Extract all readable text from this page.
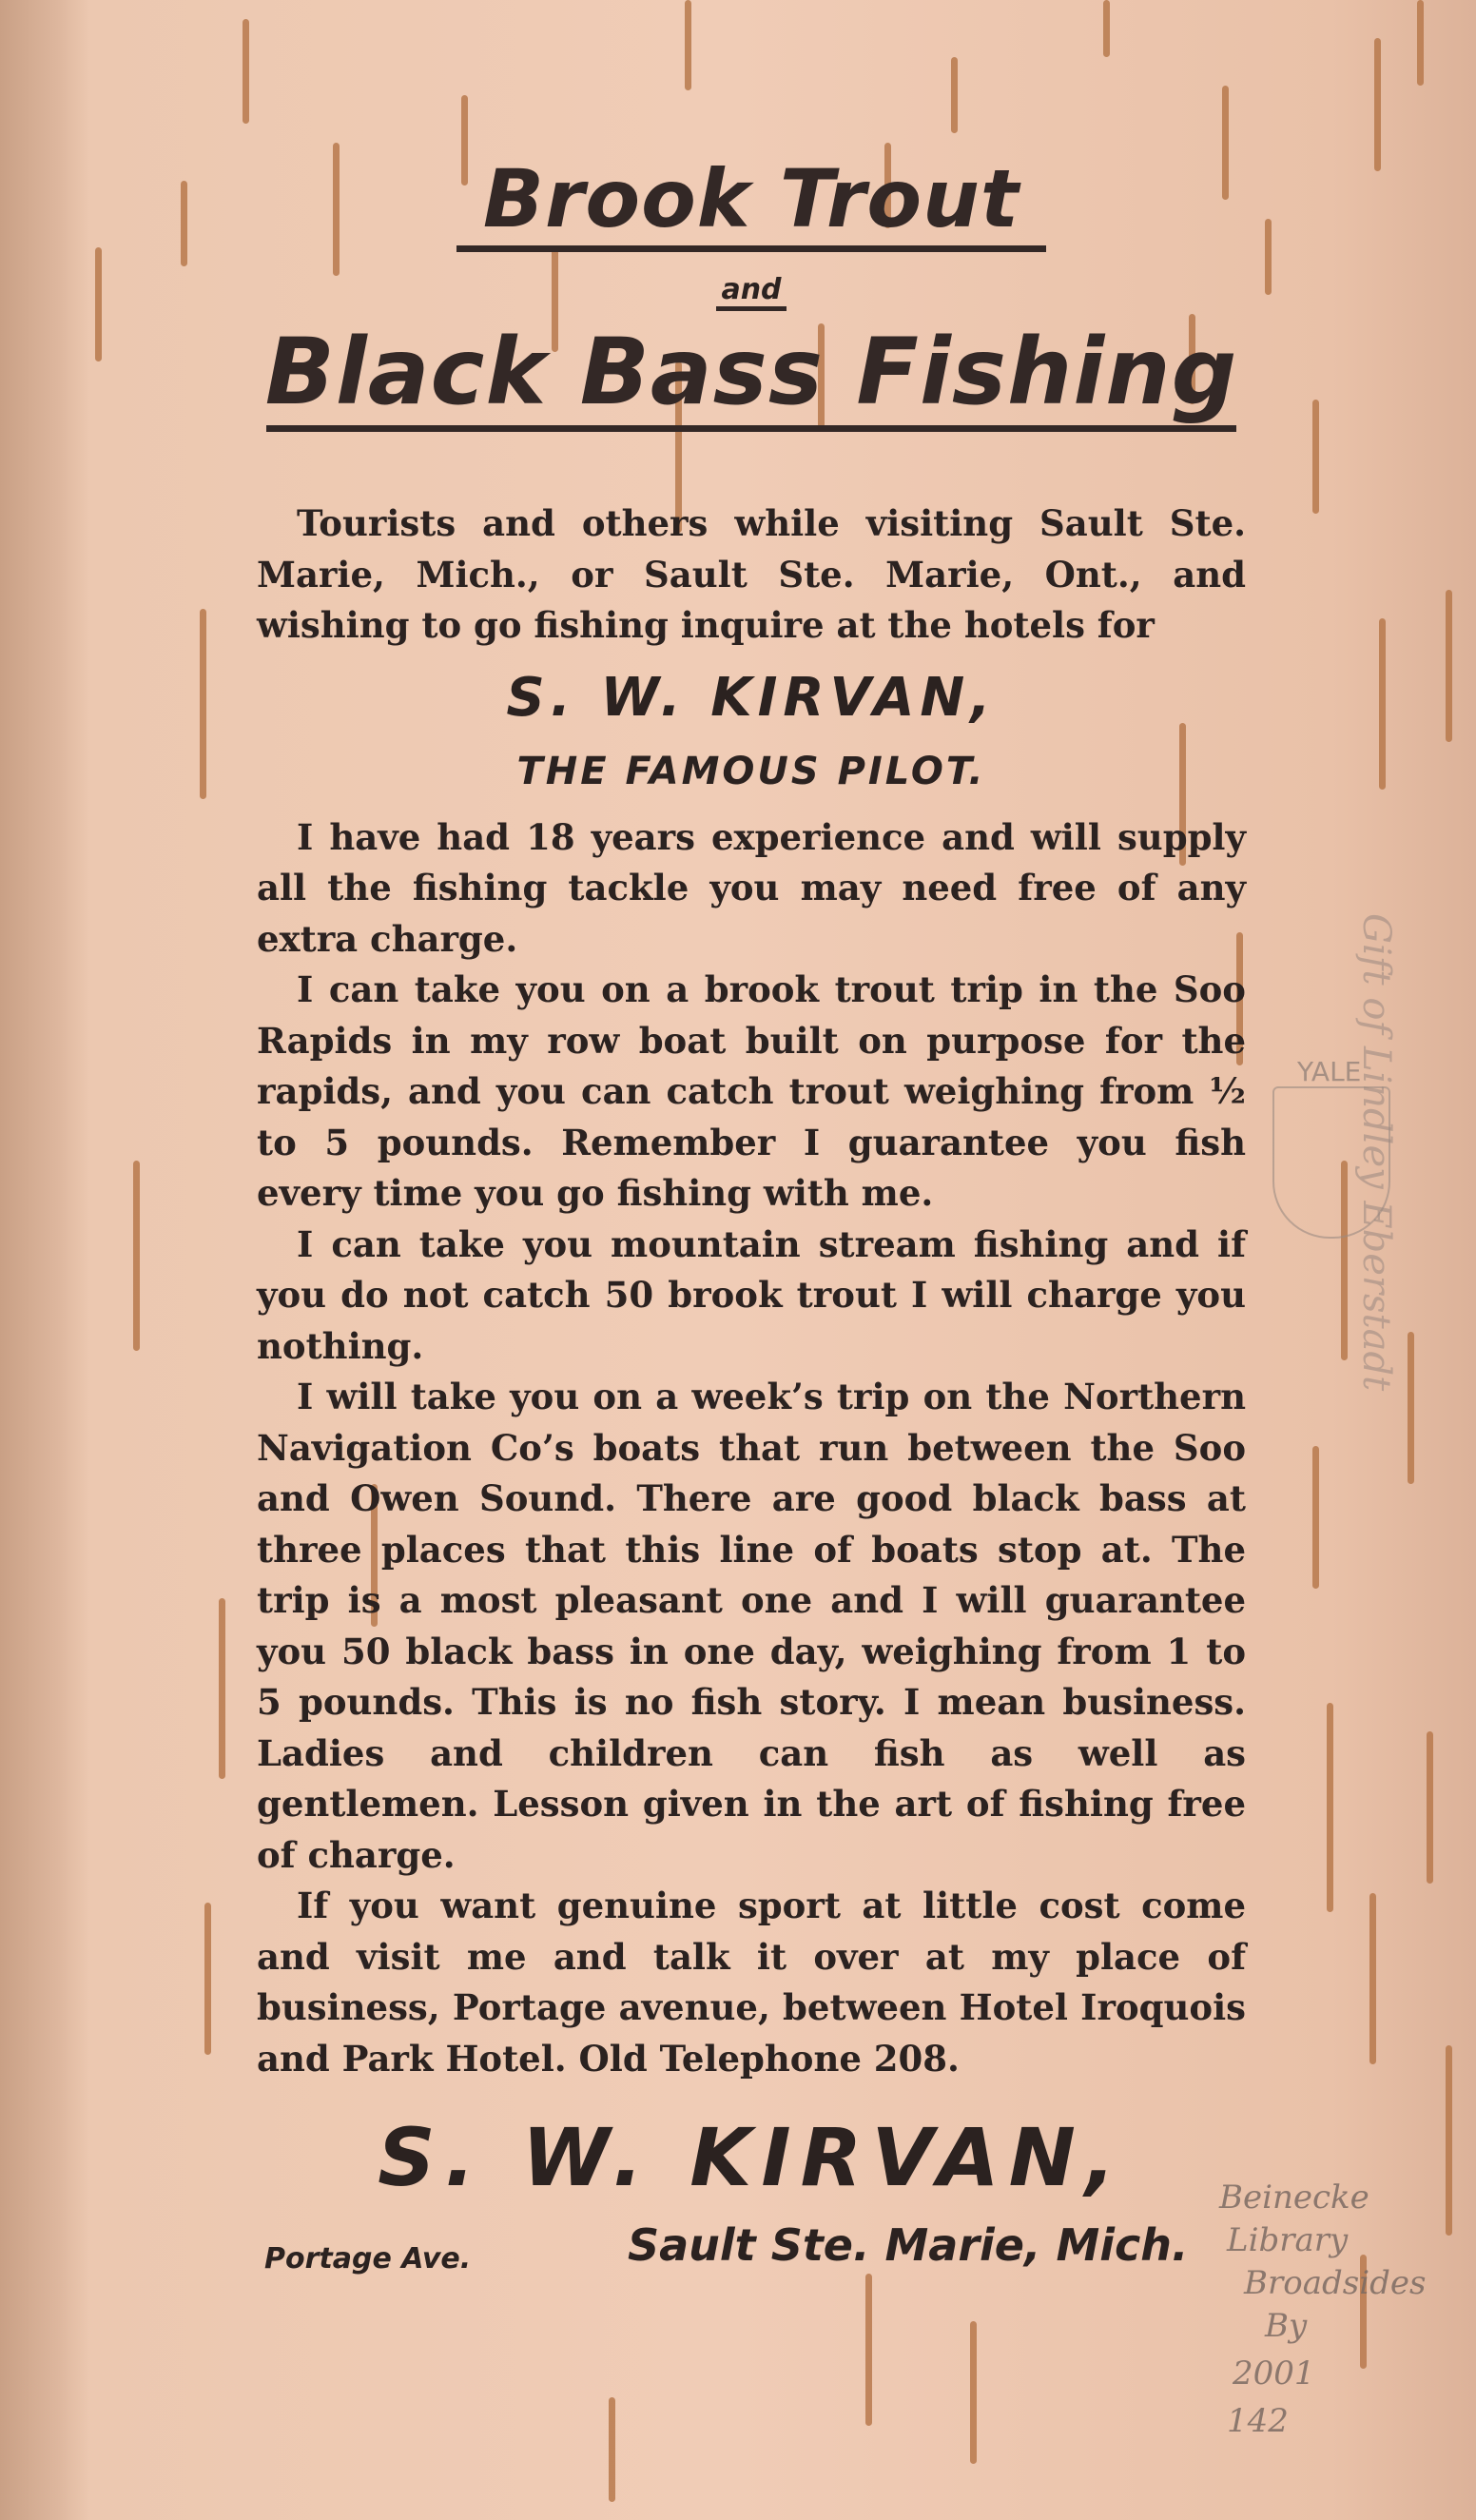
Brook Trout
and
Black Bass Fishing

Tourists and others while visiting Sault Ste. Marie, Mich., or Sault Ste. Marie, Ont., and wishing to go fishing inquire at the hotels for

S. W. KIRVAN,
THE FAMOUS PILOT.

I have had 18 years experience and will supply all the fishing tackle you may need free of any extra charge.

I can take you on a brook trout trip in the Soo Rapids in my row boat built on purpose for the rapids, and you can catch trout weighing from ½ to 5 pounds. Remember I guarantee you fish every time you go fishing with me.

I can take you mountain stream fishing and if you do not catch 50 brook trout I will charge you nothing.

I will take you on a week’s trip on the Northern Navigation Co’s boats that run between the Soo and Owen Sound. There are good black bass at three places that this line of boats stop at. The trip is a most pleasant one and I will guarantee you 50 black bass in one day, weighing from 1 to 5 pounds. This is no fish story. I mean business. Ladies and children can fish as well as gentlemen. Lesson given in the art of fishing free of charge.

If you want genuine sport at little cost come and visit me and talk it over at my place of business, Portage avenue, between Hotel Iroquois and Park Hotel. Old Telephone 208.

S. W. KIRVAN,
Portage Ave.	Sault Ste. Marie, Mich.
YALE
Gift of Lindley Eberstadt
Beinecke
Library
Broadsides
By
2001
142
